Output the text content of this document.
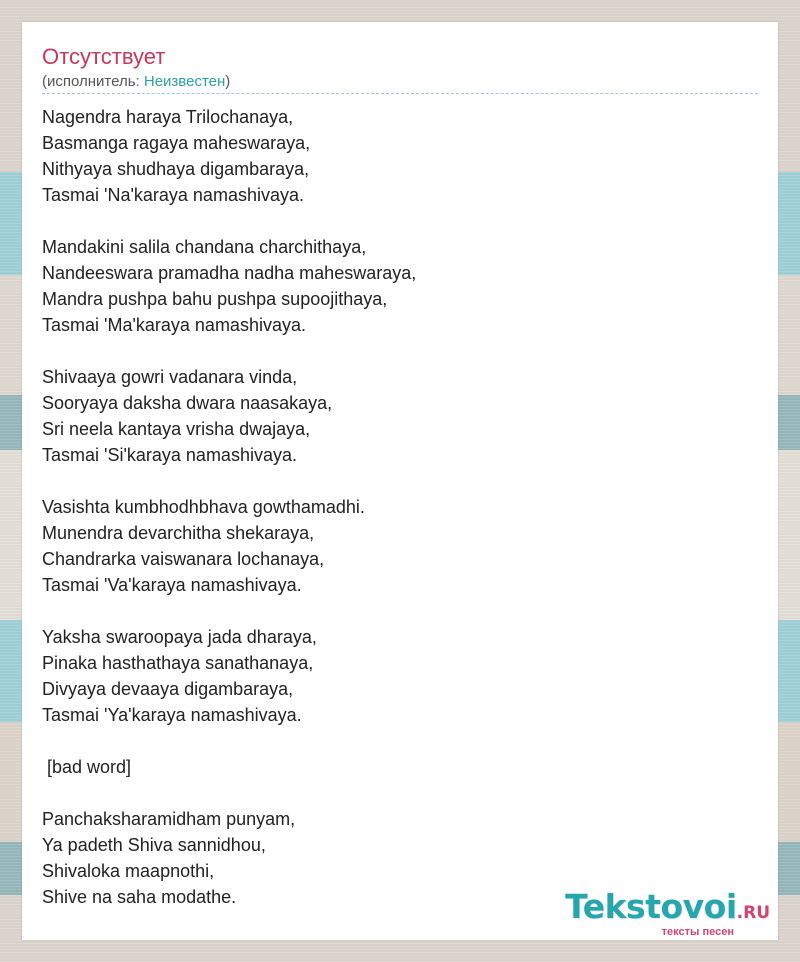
Отсутствует
(исполнитель: Неизвестен)
Nagendra haraya Trilochanaya,
Basmanga ragaya maheswaraya,
Nithyaya shudhaya digambaraya,
Tasmai 'Na'karaya namashivaya.
Mandakini salila chandana charchithaya,
Nandeeswara pramadha nadha maheswaraya,
Mandra pushpa bahu pushpa supoojithaya,
Tasmai 'Ma'karaya namashivaya.
Shivaaya gowri vadanara vinda,
Sooryaya daksha dwara naasakaya,
Sri neela kantaya vrisha dwajaya,
Tasmai 'Si'karaya namashivaya.
Vasishta kumbhodhbhava gowthamadhi.
Munendra devarchitha shekaraya,
Chandrarka vaiswanara lochanaya,
Tasmai 'Va'karaya namashivaya.
Yaksha swaroopaya jada dharaya,
Pinaka hasthathaya sanathanaya,
Divyaya devaaya digambaraya,
Tasmai 'Ya'karaya namashivaya.
[bad word]
Panchaksharamidham punyam,
Ya padeth Shiva sannidhou,
Shivaloka maapnothi,
Shive na saha modathe.	Tekstovoi.RU
тексты песен
